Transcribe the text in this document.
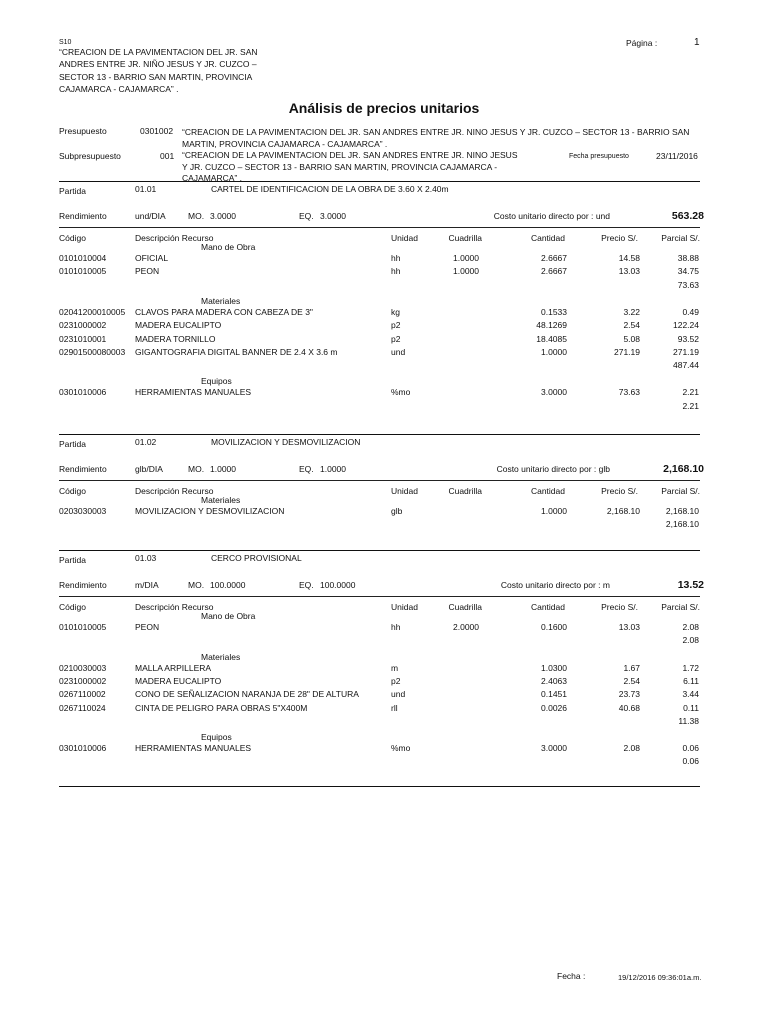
S10
“CREACION DE LA PAVIMENTACION DEL JR. SAN
ANDRES ENTRE JR. NIÑO JESUS Y JR. CUZCO –
SECTOR 13 - BARRIO SAN MARTIN, PROVINCIA
CAJAMARCA - CAJAMARCA” .
Página :	1
Análisis de precios unitarios
Presupuesto	0301002 “CREACION DE LA PAVIMENTACION DEL JR. SAN ANDRES ENTRE JR. NINO JESUS Y JR. CUZCO – SECTOR 13 - BARRIO SAN
MARTIN, PROVINCIA CAJAMARCA - CAJAMARCA” .
Subpresupuesto	001 “CREACION DE LA PAVIMENTACION DEL JR. SAN ANDRES ENTRE JR. NINO JESUS
Y JR. CUZCO – SECTOR 13 - BARRIO SAN MARTIN, PROVINCIA CAJAMARCA -
CAJAMARCA” .
Fecha presupuesto	23/11/2016
Partida	01.01	CARTEL DE IDENTIFICACION DE LA OBRA DE 3.60 X 2.40m
Rendimiento	und/DIA	MO. 3.0000	EQ. 3.0000	Costo unitario directo por : und	563.28
Código	Descripción Recurso	Unidad	Cuadrilla	Cantidad	Precio S/.	Parcial S/.
Mano de Obra
0101010004	OFICIAL	hh	1.0000	2.6667	14.58	38.88
0101010005	PEON	hh	1.0000	2.6667	13.03	34.75
73.63
Materiales
02041200010005 CLAVOS PARA MADERA CON CABEZA DE 3"	kg	0.1533	3.22	0.49
0231000002	MADERA EUCALIPTO	p2	48.1269	2.54	122.24
0231010001	MADERA TORNILLO	p2	18.4085	5.08	93.52
02901500080003 GIGANTOGRAFIA DIGITAL BANNER DE 2.4 X 3.6 m	und	1.0000	271.19	271.19
487.44
Equipos
0301010006	HERRAMIENTAS MANUALES	%mo	3.0000	73.63	2.21
2.21
Partida	01.02	MOVILIZACION Y DESMOVILIZACION
Rendimiento	glb/DIA	MO. 1.0000	EQ. 1.0000	Costo unitario directo por : glb	2,168.10
Código	Descripción Recurso	Unidad	Cuadrilla	Cantidad	Precio S/.	Parcial S/.
Materiales
0203030003	MOVILIZACION Y DESMOVILIZACION	glb	1.0000	2,168.10	2,168.10
2,168.10
Partida	01.03	CERCO PROVISIONAL
Rendimiento	m/DIA	MO. 100.0000	EQ. 100.0000	Costo unitario directo por : m	13.52
Código	Descripción Recurso	Unidad	Cuadrilla	Cantidad	Precio S/.	Parcial S/.
Mano de Obra
0101010005	PEON	hh	2.0000	0.1600	13.03	2.08
2.08
Materiales
0210030003	MALLA ARPILLERA	m	1.0300	1.67	1.72
0231000002	MADERA EUCALIPTO	p2	2.4063	2.54	6.11
0267110002	CONO DE SEÑALIZACION NARANJA DE 28" DE ALTURA	und	0.1451	23.73	3.44
0267110024	CINTA DE PELIGRO PARA OBRAS 5"X400M	rll	0.0026	40.68	0.11
11.38
Equipos
0301010006	HERRAMIENTAS MANUALES	%mo	3.0000	2.08	0.06
0.06
Fecha :	19/12/2016 09:36:01a.m.
